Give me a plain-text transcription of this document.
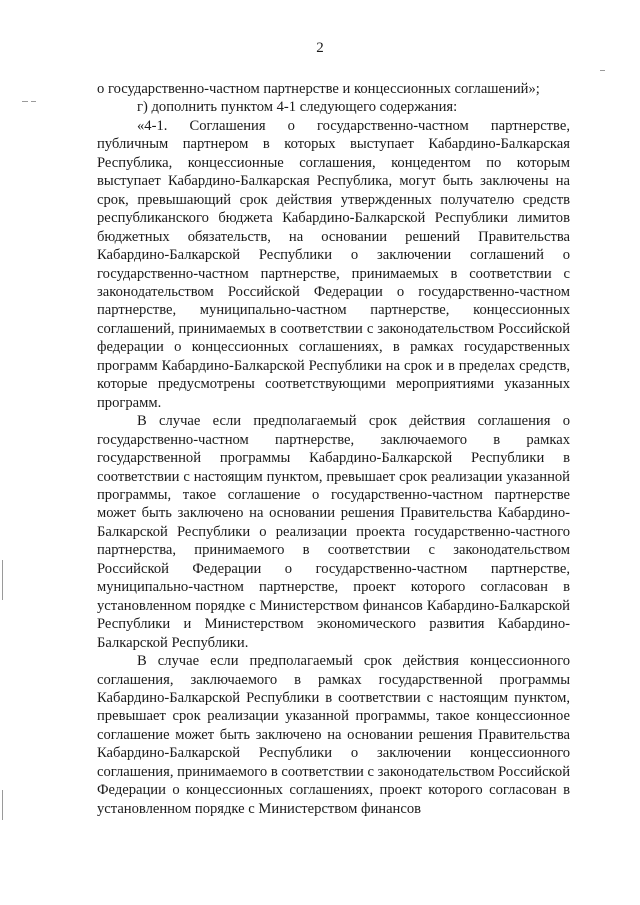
2

о государственно-частном партнерстве и концессионных соглашений»;

г) дополнить пунктом 4-1 следующего содержания:

«4-1. Соглашения о государственно-частном партнерстве, публичным партнером в которых выступает Кабардино-Балкарская Республика, концессионные соглашения, концедентом по которым выступает Кабардино-Балкарская Республика, могут быть заключены на срок, превышающий срок действия утвержденных получателю средств республиканского бюджета Кабардино-Балкарской Республики лимитов бюджетных обязательств, на основании решений Правительства Кабардино-Балкарской Республики о заключении соглашений о государственно-частном партнерстве, принимаемых в соответствии с законодательством Российской Федерации о государственно-частном партнерстве, муниципально-частном партнерстве, концессионных соглашений, принимаемых в соответствии с законодательством Российской федерации о концессионных соглашениях, в рамках государственных программ Кабардино-Балкарской Республики на срок и в пределах средств, которые предусмотрены соответствующими мероприятиями указанных программ.

В случае если предполагаемый срок действия соглашения о государственно-частном партнерстве, заключаемого в рамках государственной программы Кабардино-Балкарской Республики в соответствии с настоящим пунктом, превышает срок реализации указанной программы, такое соглашение о государственно-частном партнерстве может быть заключено на основании решения Правительства Кабардино-Балкарской Республики о реализации проекта государственно-частного партнерства, принимаемого в соответствии с законодательством Российской Федерации о государственно-частном партнерстве, муниципально-частном партнерстве, проект которого согласован в установленном порядке с Министерством финансов Кабардино-Балкарской Республики и Министерством экономического развития Кабардино-Балкарской Республики.

В случае если предполагаемый срок действия концессионного соглашения, заключаемого в рамках государственной программы Кабардино-Балкарской Республики в соответствии с настоящим пунктом, превышает срок реализации указанной программы, такое концессионное соглашение может быть заключено на основании решения Правительства Кабардино-Балкарской Республики о заключении концессионного соглашения, принимаемого в соответствии с законодательством Российской Федерации о концессионных соглашениях, проект которого согласован в установленном порядке с Министерством финансов
